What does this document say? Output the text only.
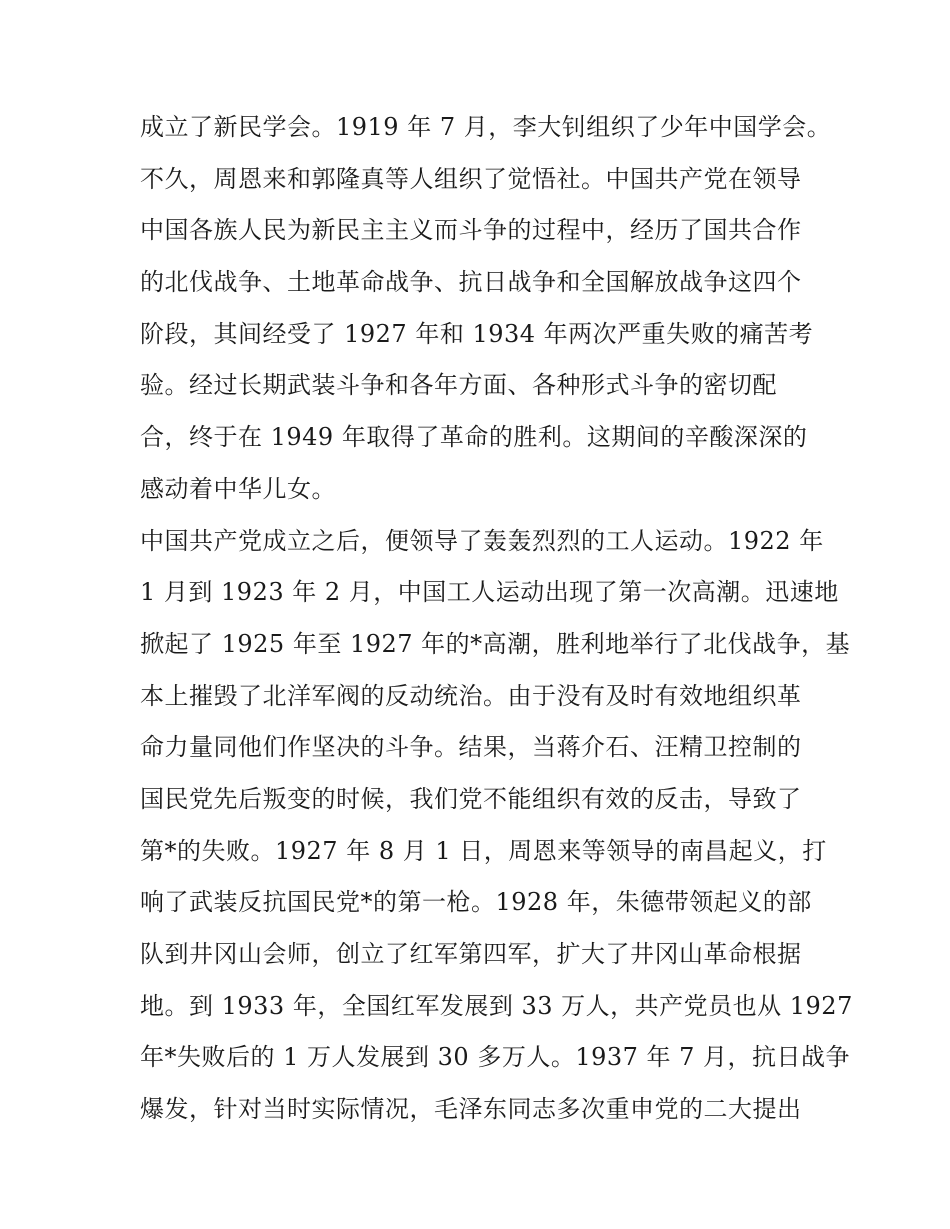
成立了新民学会。1919 年 7 月，李大钊组织了少年中国学会。
不久，周恩来和郭隆真等人组织了觉悟社。中国共产党在领导
中国各族人民为新民主主义而斗争的过程中，经历了国共合作
的北伐战争、土地革命战争、抗日战争和全国解放战争这四个
阶段，其间经受了 1927 年和 1934 年两次严重失败的痛苦考
验。经过长期武装斗争和各年方面、各种形式斗争的密切配
合，终于在 1949 年取得了革命的胜利。这期间的辛酸深深的
感动着中华儿女。
中国共产党成立之后，便领导了轰轰烈烈的工人运动。1922 年
1 月到 1923 年 2 月，中国工人运动出现了第一次高潮。迅速地
掀起了 1925 年至 1927 年的*高潮，胜利地举行了北伐战争，基
本上摧毁了北洋军阀的反动统治。由于没有及时有效地组织革
命力量同他们作坚决的斗争。结果，当蒋介石、汪精卫控制的
国民党先后叛变的时候，我们党不能组织有效的反击，导致了
第*的失败。1927 年 8 月 1 日，周恩来等领导的南昌起义，打
响了武装反抗国民党*的第一枪。1928 年，朱德带领起义的部
队到井冈山会师，创立了红军第四军，扩大了井冈山革命根据
地。到 1933 年，全国红军发展到 33 万人，共产党员也从 1927
年*失败后的 1 万人发展到 30 多万人。1937 年 7 月，抗日战争
爆发，针对当时实际情况，毛泽东同志多次重申党的二大提出
